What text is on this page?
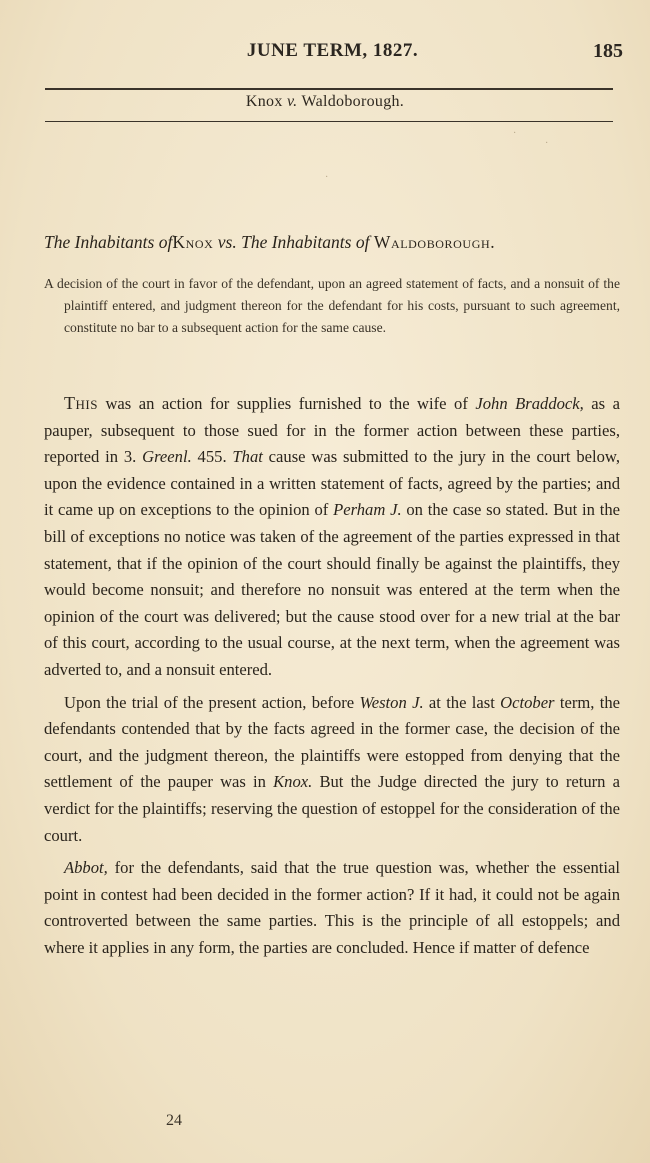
JUNE TERM, 1827.	185
Knox v. Waldoborough.
·
·
·
The Inhabitants ofKnox vs. The Inhabitants of Waldoborough.
A decision of the court in favor of the defendant, upon an agreed statement of facts, and a nonsuit of the plaintiff entered, and judgment thereon for the defendant for his costs, pursuant to such agreement, constitute no bar to a subsequent action for the same cause.

This was an action for supplies furnished to the wife of John Braddock, as a pauper, subsequent to those sued for in the former action between these parties, reported in 3. Greenl. 455. That cause was submitted to the jury in the court below, upon the evidence contained in a written statement of facts, agreed by the parties; and it came up on exceptions to the opinion of Perham J. on the case so stated. But in the bill of exceptions no notice was taken of the agreement of the parties expressed in that statement, that if the opinion of the court should finally be against the plaintiffs, they would become nonsuit; and therefore no nonsuit was entered at the term when the opinion of the court was delivered; but the cause stood over for a new trial at the bar of this court, according to the usual course, at the next term, when the agreement was adverted to, and a nonsuit entered.

Upon the trial of the present action, before Weston J. at the last October term, the defendants contended that by the facts agreed in the former case, the decision of the court, and the judgment thereon, the plaintiffs were estopped from denying that the settlement of the pauper was in Knox. But the Judge directed the jury to return a verdict for the plaintiffs; reserving the question of estoppel for the consideration of the court.

Abbot, for the defendants, said that the true question was, whether the essential point in contest had been decided in the former action? If it had, it could not be again controverted between the same parties. This is the principle of all estoppels; and where it applies in any form, the parties are concluded. Hence if matter of defence

24
